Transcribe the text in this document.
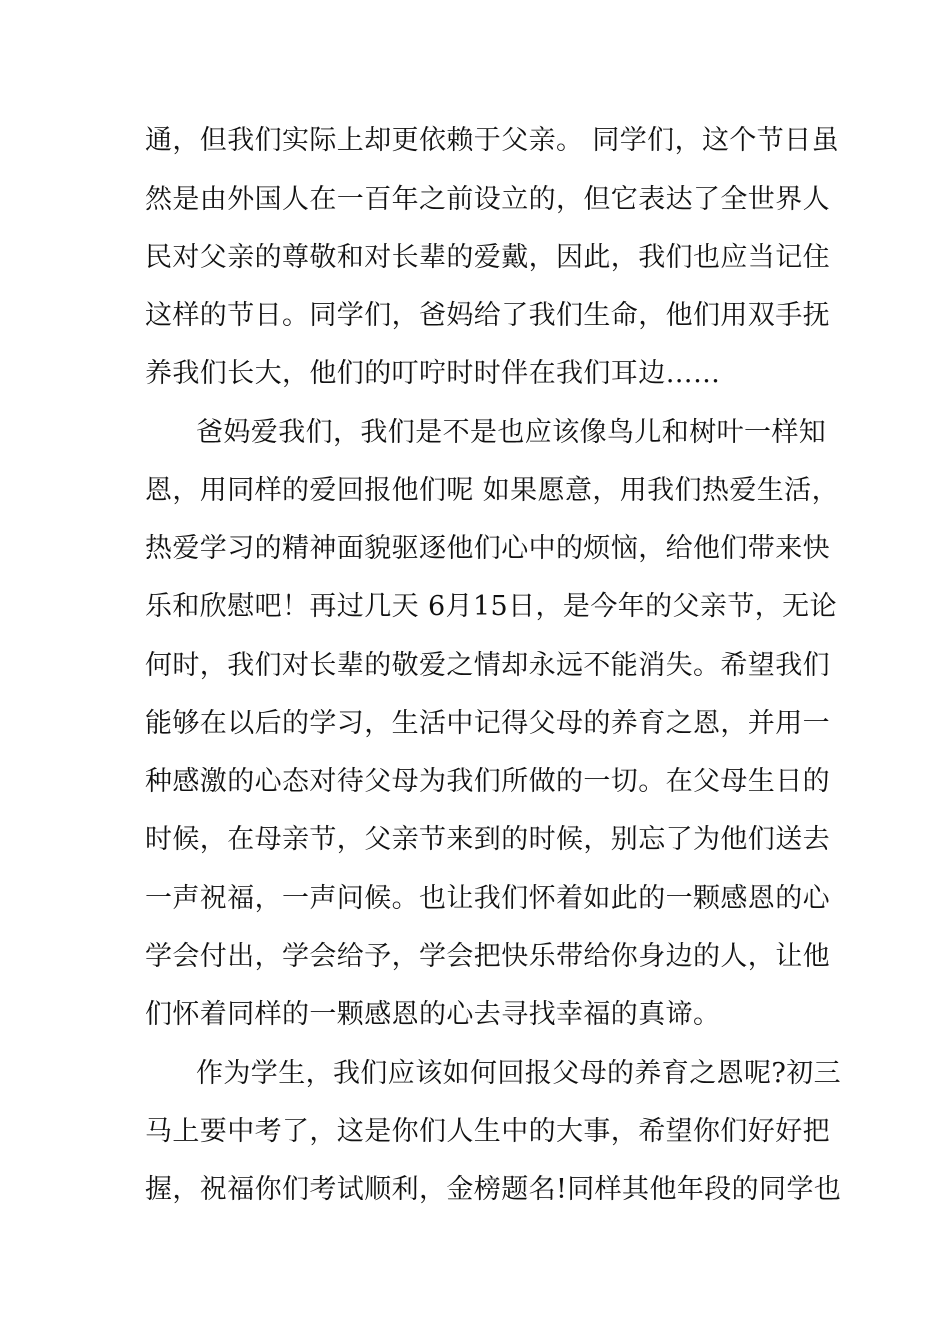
通，但我们实际上却更依赖于父亲。 同学们，这个节日虽
然是由外国人在一百年之前设立的，但它表达了全世界人
民对父亲的尊敬和对长辈的爱戴，因此，我们也应当记住
这样的节日。同学们，爸妈给了我们生命，他们用双手抚
养我们长大，他们的叮咛时时伴在我们耳边……
爸妈爱我们，我们是不是也应该像鸟儿和树叶一样知
恩，用同样的爱回报他们呢 如果愿意，用我们热爱生活，
热爱学习的精神面貌驱逐他们心中的烦恼，给他们带来快
乐和欣慰吧！再过几天 6月15日，是今年的父亲节，无论
何时，我们对长辈的敬爱之情却永远不能消失。希望我们
能够在以后的学习，生活中记得父母的养育之恩，并用一
种感激的心态对待父母为我们所做的一切。在父母生日的
时候，在母亲节，父亲节来到的时候，别忘了为他们送去
一声祝福，一声问候。也让我们怀着如此的一颗感恩的心
学会付出，学会给予，学会把快乐带给你身边的人，让他
们怀着同样的一颗感恩的心去寻找幸福的真谛。
作为学生，我们应该如何回报父母的养育之恩呢?初三
马上要中考了，这是你们人生中的大事，希望你们好好把
握，祝福你们考试顺利，金榜题名!同样其他年段的同学也
